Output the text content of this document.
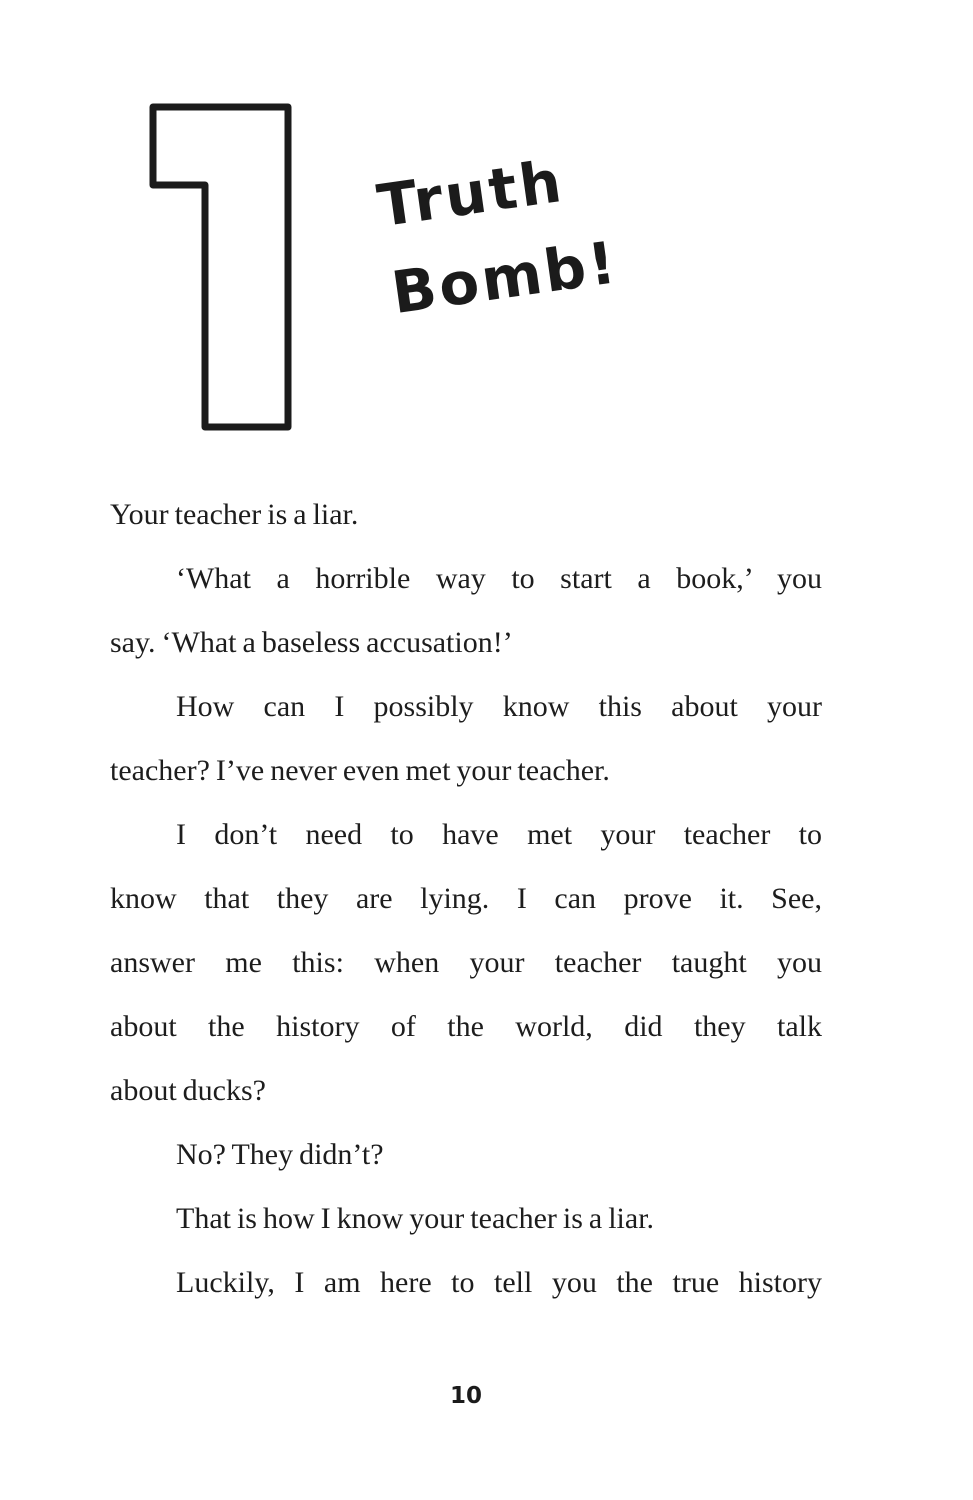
Truth
Bomb!
Your teacher is a liar.
‘What a horrible way to start a book,’ you
say. ‘What a baseless accusation!’
How can I possibly know this about your
teacher? I’ve never even met your teacher.
I don’t need to have met your teacher to
know that they are lying. I can prove it. See,
answer me this: when your teacher taught you
about the history of the world, did they talk
about ducks?
No? They didn’t?
That is how I know your teacher is a liar.
Luckily, I am here to tell you the true history
10
